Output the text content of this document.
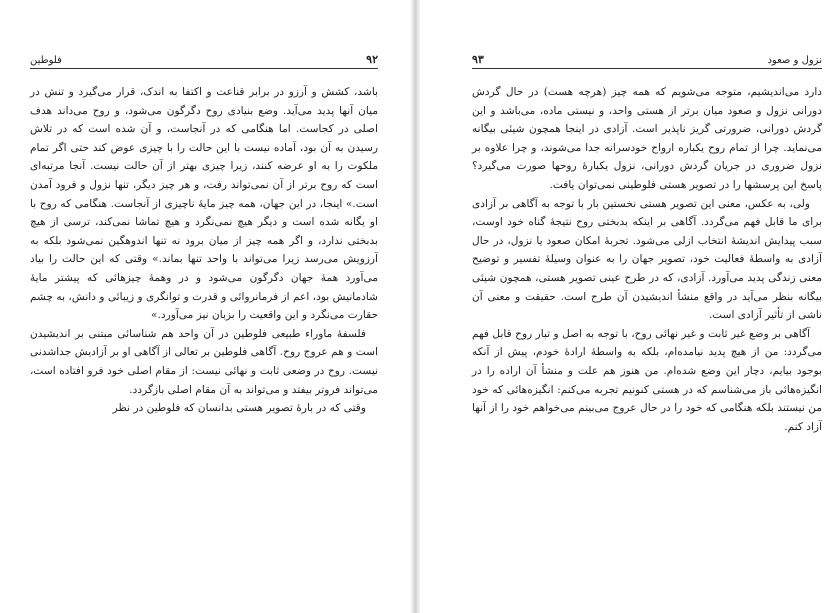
فلوطین	۹۲

باشد، کشش و آرزو در برابر قناعت و اکتفا به اندک، قرار می‌گیرد و تنش در میان آنها پدید می‌آید. وضع بنیادی روح دگرگون می‌شود، و روح می‌داند هدف اصلی در کجاست. اما هنگامی که در آنجاست، و آن شده است که در تلاش رسیدن به آن بود، آماده نیست با این حالت را با چیزی عوض کند حتی اگر تمام ملکوت را به او عرضه کنند، زیرا چیزی بهتر از آن حالت نیست. آنجا مرتبه‌ای است که روح برتر از آن نمی‌تواند رفت، و هر چیز دیگر، تنها نزول و فرود آمدن است.» اینجا، در این جهان، همه چیز مایهٔ ناچیزی از آنجاست. هنگامی که روح با او یگانه شده است و دیگر هیچ نمی‌نگرد و هیچ تماشا نمی‌کند، ترسی از هیچ بدبختی ندارد، و اگر همه چیز از میان برود نه تنها اندوهگین نمی‌شود بلکه به آرزویش می‌رسد زیرا می‌تواند با واحد تنها بماند.» وقتی که این حالت را بیاد می‌آورد همهٔ جهان دگرگون می‌شود و در وهمهٔ چیزهائی که پیشتر مایهٔ شادمانیش بود، اعم از فرمانروائی و قدرت و توانگری و زیبائی و دانش، به چشم حقارت می‌نگرد و این واقعیت را بزبان نیز می‌آورد.»

فلسفهٔ ماوراء طبیعی فلوطین در آن واحد هم شناسائی مبتنی بر اندیشیدن است و هم عروج روح. آگاهی فلوطین بر تعالی از آگاهی او بر آزادیش جداشدنی نیست. روح در وضعی ثابت و نهائی نیست: از مقام اصلی خود فرو افتاده است، می‌تواند فروتر بیفتد و می‌تواند به آن مقام اصلی بازگردد.

وقتی که در بارهٔ تصویر هستی بدانسان که فلوطین در نظر

۹۳	نزول و صعود

دارد می‌اندیشیم، متوجه می‌شویم که همه چیز (هرچه هست) در حال گردش دورانی نزول و صعود میان برتر از هستی واحد، و نیستی ماده، می‌باشد و این گردش دورانی، ضرورتی گریز ناپذیر است. آزادی در اینجا همچون شیئی بیگانه می‌نماید. چرا از تمام روح یکباره ارواح خودسرانه جدا می‌شوند، و چرا علاوه بر نزول ضروری در جریان گردش دورانی، نزول یکبارهٔ روحها صورت می‌گیرد؟ پاسخ این پرسشها را در تصویر هستی فلوطینی نمی‌توان یافت.

ولی، به عکس، معنی این تصویر هستی نخستین بار با توجه به آگاهی بر آزادی برای ما قابل فهم می‌گردد. آگاهی بر اینکه بدبختی روح نتیجهٔ گناه خود اوست، سبب پیدایش اندیشهٔ انتخاب ازلی می‌شود. تجربهٔ امکان صعود یا نزول، در حال آزادی به واسطهٔ فعالیت خود، تصویر جهان را به عنوان وسیلهٔ تفسیر و توضیح معنی زندگی پدید می‌آورد. آزادی، که در طرح عینی تصویر هستی، همچون شیئی بیگانه بنظر می‌آید در واقع منشأ اندیشیدن آن طرح است. حقیقت و معنی آن ناشی از تأثیر آزادی است.

آگاهی بر وضع غیر ثابت و غیر نهائی روح، با توجه به اصل و تبار روح قابل فهم می‌گردد: من از هیچ پدید نیامده‌ام، بلکه به واسطهٔ ارادهٔ خودم، پیش از آنکه بوجود بیایم، دچار این وضع شده‌ام. من هنوز هم علت و منشأ آن اراده را در انگیزه‌هائی باز می‌شناسم که در هستی کنونیم تجربه می‌کنم: انگیزه‌هائی که خود من نیستند بلکه هنگامی که خود را در حال عروج می‌بینم می‌خواهم خود را از آنها آزاد کنم.
